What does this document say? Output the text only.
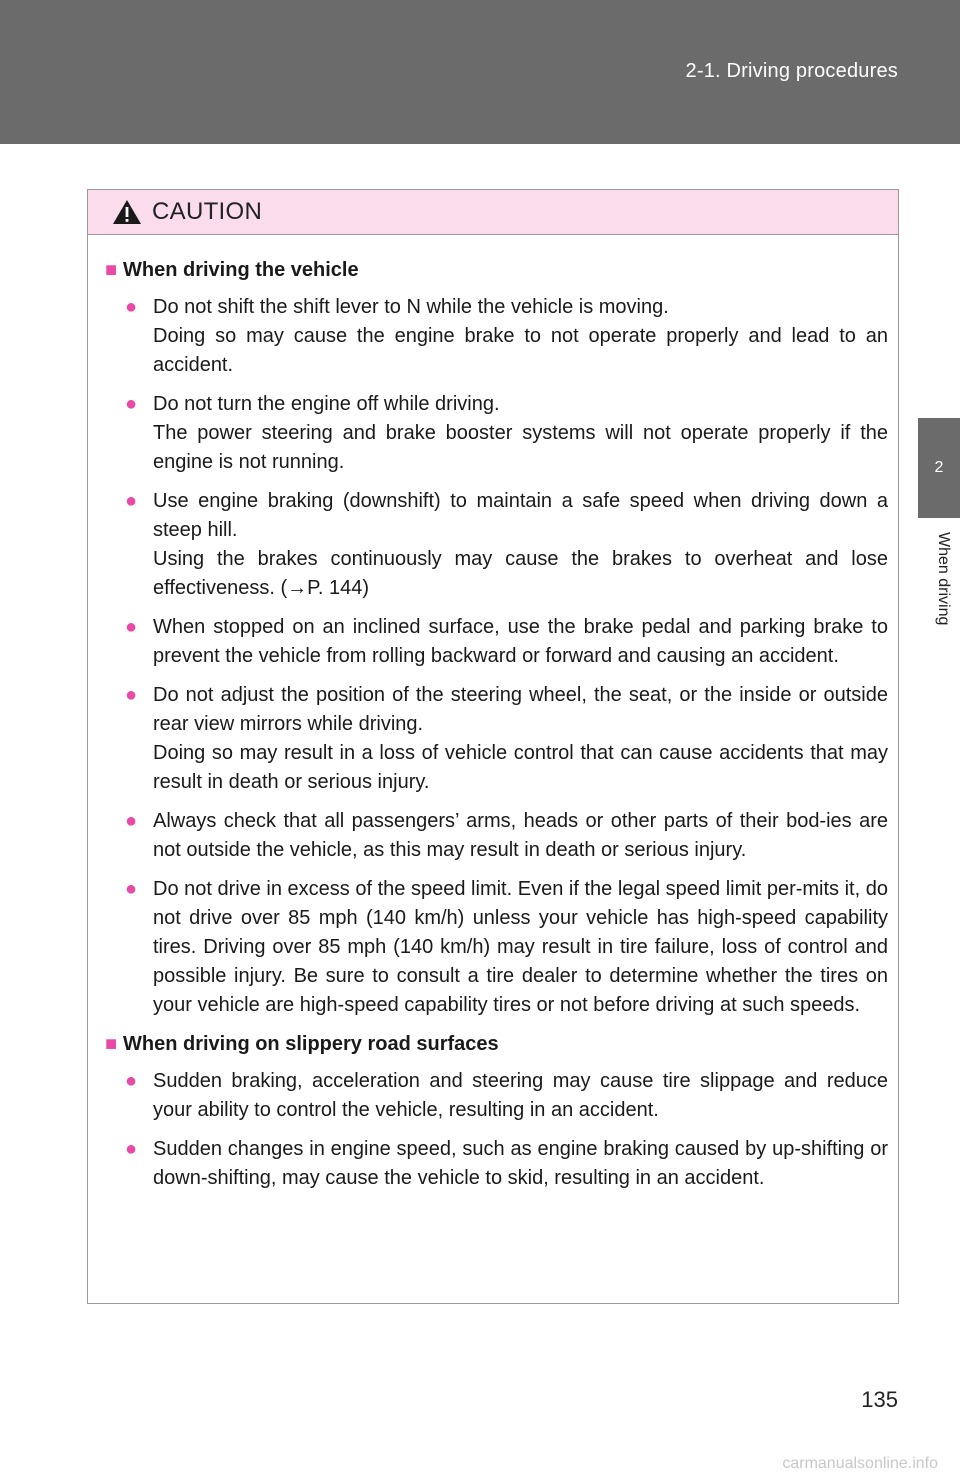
2-1. Driving procedures
2
When driving
CAUTION
■ When driving the vehicle
● Do not shift the shift lever to N while the vehicle is moving.

Doing so may cause the engine brake to not operate properly and lead to an accident.

● Do not turn the engine off while driving.

The power steering and brake booster systems will not operate properly if the engine is not running.

● Use engine braking (downshift) to maintain a safe speed when driving down a steep hill.

Using the brakes continuously may cause the brakes to overheat and lose effectiveness. (→P. 144)

● When stopped on an inclined surface, use the brake pedal and parking brake to prevent the vehicle from rolling backward or forward and causing an accident.

● Do not adjust the position of the steering wheel, the seat, or the inside or outside rear view mirrors while driving.

Doing so may result in a loss of vehicle control that can cause accidents that may result in death or serious injury.

● Always check that all passengers’ arms, heads or other parts of their bod-ies are not outside the vehicle, as this may result in death or serious injury.

● Do not drive in excess of the speed limit. Even if the legal speed limit per-mits it, do not drive over 85 mph (140 km/h) unless your vehicle has high-speed capability tires. Driving over 85 mph (140 km/h) may result in tire failure, loss of control and possible injury. Be sure to consult a tire dealer to determine whether the tires on your vehicle are high-speed capability tires or not before driving at such speeds.

■ When driving on slippery road surfaces
● Sudden braking, acceleration and steering may cause tire slippage and reduce your ability to control the vehicle, resulting in an accident.

● Sudden changes in engine speed, such as engine braking caused by up-shifting or down-shifting, may cause the vehicle to skid, resulting in an accident.

135
carmanualsonline.info
